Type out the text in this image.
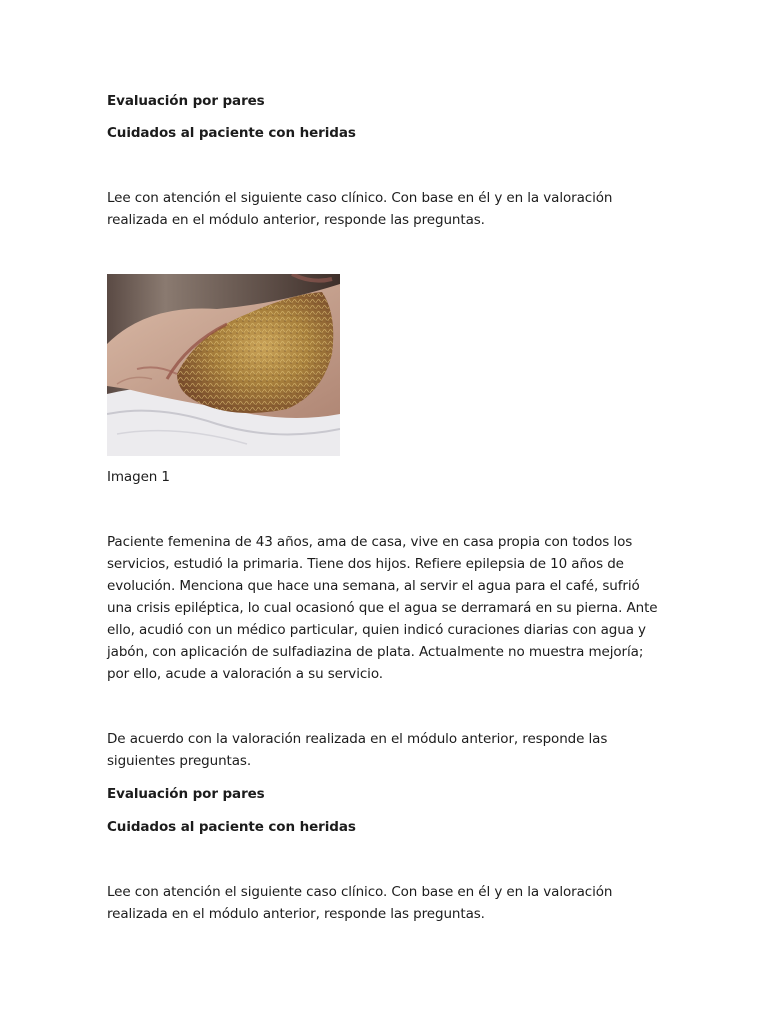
Evaluación por pares

Cuidados al paciente con heridas

Lee con atención el siguiente caso clínico. Con base en él y en la valoración realizada en el módulo anterior, responde las preguntas.

Imagen 1

Paciente femenina de 43 años, ama de casa, vive en casa propia con todos los servicios, estudió la primaria. Tiene dos hijos. Refiere epilepsia de 10 años de evolución. Menciona que hace una semana, al servir el agua para el café, sufrió una crisis epiléptica, lo cual ocasionó que el agua se derramará en su pierna. Ante ello, acudió con un médico particular, quien indicó curaciones diarias con agua y jabón, con aplicación de sulfadiazina de plata. Actualmente no muestra mejoría; por ello, acude a valoración a su servicio.

De acuerdo con la valoración realizada en el módulo anterior, responde las siguientes preguntas.

Evaluación por pares

Cuidados al paciente con heridas

Lee con atención el siguiente caso clínico. Con base en él y en la valoración realizada en el módulo anterior, responde las preguntas.
